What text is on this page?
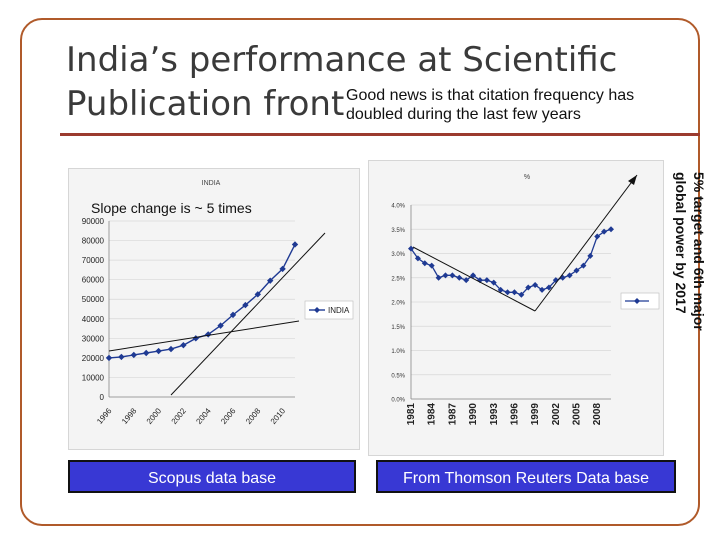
India’s performance at Scientific
Publication front Good news is that citation frequency has doubled during the last few years
INDIA
0
10000
20000
30000
40000
50000
60000
70000
80000
90000
1996 1998 2000 2002 2004 2006 2008 2010
INDIA
Slope change is ~ 5 times
%
0.0%
0.5%
1.0%
1.5%
2.0%
2.5%
3.0%
3.5%
4.0%
1981 1984 1987 1990 1993 1996 1999 2002 2005 2008
Scopus data base	From Thomson Reuters Data base
5% target and 6th major
global power by 2017
